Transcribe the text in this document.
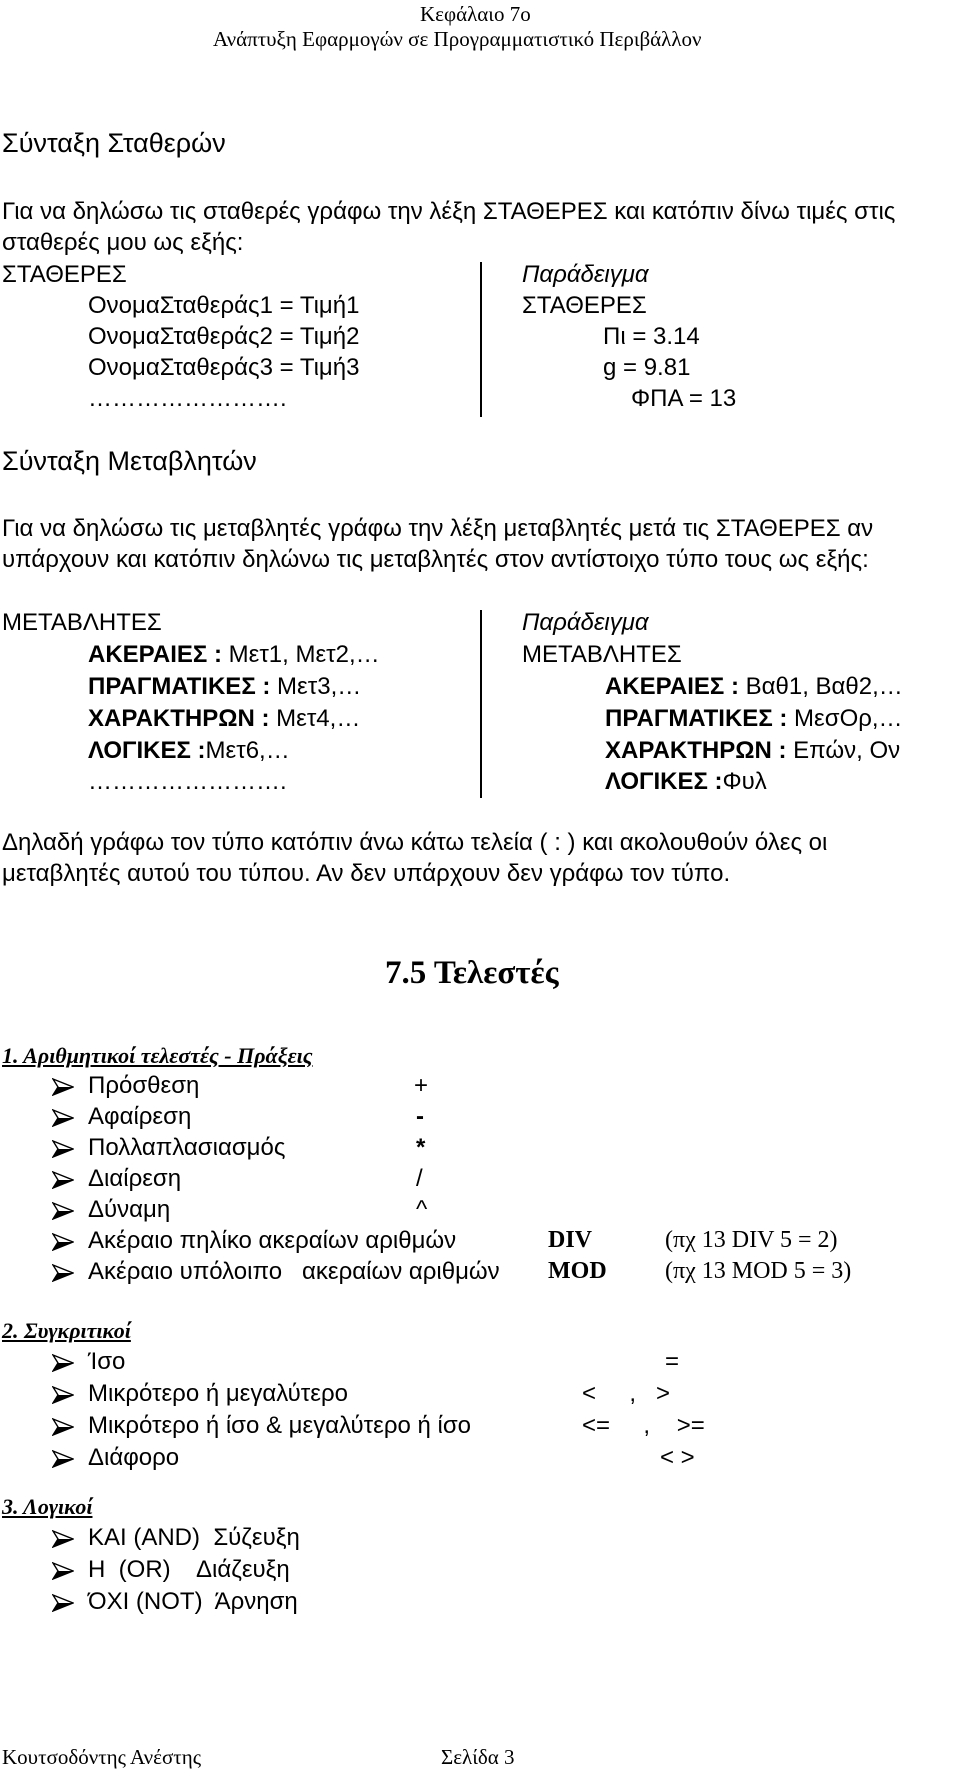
Κεφάλαιο 7ο
Ανάπτυξη Εφαρμογών σε Προγραμματιστικό Περιβάλλον
Σύνταξη Σταθερών
Για να δηλώσω τις σταθερές γράφω την λέξη ΣΤΑΘΕΡΕΣ και κατόπιν δίνω τιμές στις
σταθερές μου ως εξής:
ΣΤΑΘΕΡΕΣ
ΟνομαΣταθεράς1 = Τιμή1
ΟνομαΣταθεράς2 = Τιμή2
ΟνομαΣταθεράς3 = Τιμή3
…………………….
Παράδειγμα
ΣΤΑΘΕΡΕΣ
Πι = 3.14
g = 9.81
ΦΠΑ = 13
Σύνταξη Μεταβλητών
Για να δηλώσω τις μεταβλητές γράφω την λέξη μεταβλητές μετά τις ΣΤΑΘΕΡΕΣ αν
υπάρχουν και κατόπιν δηλώνω τις μεταβλητές στον αντίστοιχο τύπο τους ως εξής:
ΜΕΤΑΒΛΗΤΕΣ
ΑΚΕΡΑΙΕΣ : Μετ1, Μετ2,…
ΠΡΑΓΜΑΤΙΚΕΣ : Μετ3,…
ΧΑΡΑΚΤΗΡΩΝ : Μετ4,…
ΛΟΓΙΚΕΣ :Μετ6,…
…………………….
Παράδειγμα
ΜΕΤΑΒΛΗΤΕΣ
ΑΚΕΡΑΙΕΣ : Βαθ1, Βαθ2,…
ΠΡΑΓΜΑΤΙΚΕΣ : ΜεσΟρ,…
ΧΑΡΑΚΤΗΡΩΝ : Επών, Ον
ΛΟΓΙΚΕΣ :Φυλ
Δηλαδή γράφω τον τύπο κατόπιν άνω κάτω τελεία ( : ) και ακολουθούν όλες οι
μεταβλητές αυτού του τύπου. Αν δεν υπάρχουν δεν γράφω τον τύπο.
7.5 Τελεστές
1. Αριθμητικοί τελεστές - Πράξεις
2. Συγκριτικοί
3. Λογικοί
Πρόσθεση	+
Αφαίρεση	-
Πολλαπλασιασμός	*
Διαίρεση	/
Δύναμη	^
Ακέραιο πηλίκο ακεραίων αριθμών	DIV	(πχ 13 DIV 5 = 2)
Ακέραιο υπόλοιπο   ακεραίων αριθμών MOD (πχ 13 MOD 5 = 3)
Ίσο	=
Μικρότερο ή μεγαλύτερο	<     ,   >
Μικρότερο ή ίσο & μεγαλύτερο ή ίσο	<=     ,    >=
Διάφορο	< >
ΚΑΙ (AND)  Σύζευξη
Η  (OR)    Διάζευξη
ΌΧΙ (NOT)  Άρνηση
Κουτσοδόντης Ανέστης	Σελίδα 3
